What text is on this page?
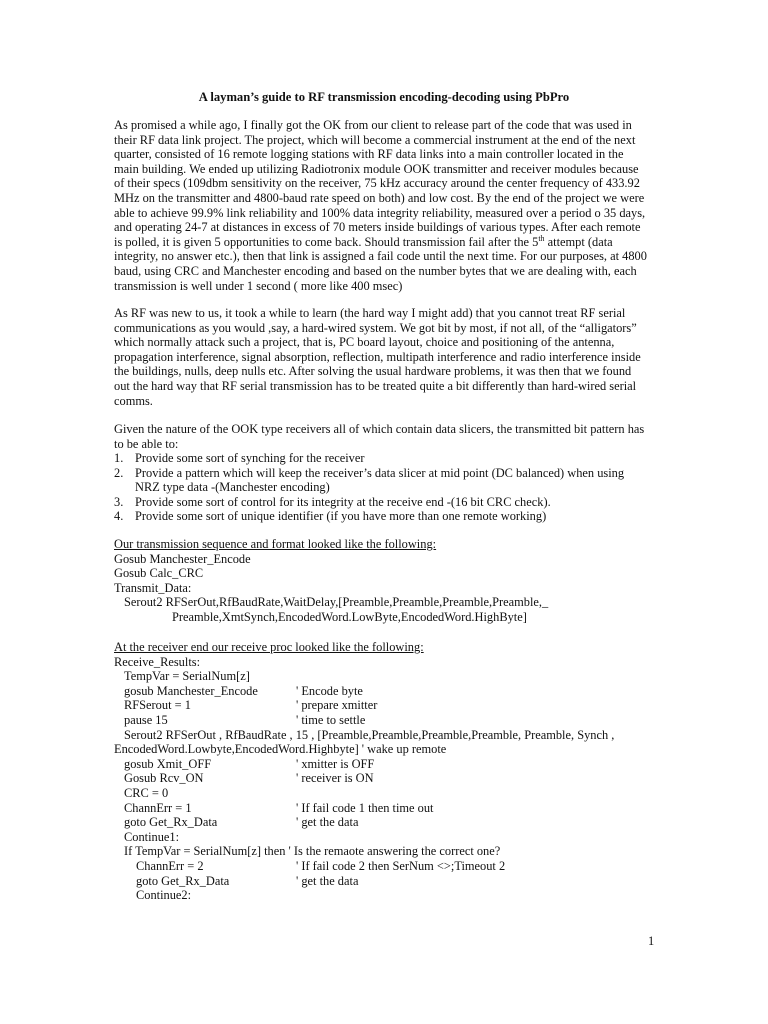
A layman’s guide to RF transmission encoding-decoding using PbPro

As promised a while ago, I finally got the OK from our client to release part of the code that was used in
their RF data link project. The project, which will become a commercial instrument at the end of the next
quarter, consisted of 16 remote logging stations with RF data links into a main controller located in the
main building. We ended up utilizing Radiotronix module OOK transmitter and receiver modules because
of their specs (109dbm sensitivity on the receiver, 75 kHz accuracy around the center frequency of 433.92
MHz on the transmitter and 4800-baud rate speed on both) and low cost. By the end of the project we were
able to achieve 99.9% link reliability and 100% data integrity reliability, measured over a period o 35 days,
and operating 24-7 at distances in excess of 70 meters inside buildings of various types. After each remote
is polled, it is given 5 opportunities to come back. Should transmission fail after the 5th attempt (data
integrity, no answer etc.), then that link is assigned a fail code until the next time. For our purposes, at 4800
baud, using CRC and Manchester encoding and based on the number bytes that we are dealing with, each
transmission is well under 1 second ( more like 400 msec)

As RF was new to us, it took a while to learn (the hard way I might add) that you cannot treat RF serial
communications as you would ,say, a hard-wired system. We got bit by most, if not all, of the “alligators”
which normally attack such a project, that is, PC board layout, choice and positioning of the antenna,
propagation interference, signal absorption, reflection, multipath interference and radio interference inside
the buildings, nulls, deep nulls etc. After solving the usual hardware problems, it was then that we found
out the hard way that RF serial transmission has to be treated quite a bit differently than hard-wired serial
comms.

Given the nature of the OOK type receivers all of which contain data slicers, the transmitted bit pattern has
to be able to:

1. Provide some sort of synching for the receiver
2. Provide a pattern which will keep the receiver’s data slicer at mid point (DC balanced) when using
NRZ type data -(Manchester encoding)
3. Provide some sort of control for its integrity at the receive end -(16 bit CRC check).
4. Provide some sort of unique identifier (if you have more than one remote working)
Our transmission sequence and format looked like the following:
Gosub Manchester_Encode
Gosub Calc_CRC
Transmit_Data:
Serout2 RFSerOut,RfBaudRate,WaitDelay,[Preamble,Preamble,Preamble,Preamble,_
Preamble,XmtSynch,EncodedWord.LowByte,EncodedWord.HighByte]
At the receiver end our receive proc looked like the following:
Receive_Results:
TempVar = SerialNum[z]
gosub Manchester_Encode	' Encode byte
RFSerout = 1	' prepare xmitter
pause 15	' time to settle
Serout2 RFSerOut , RfBaudRate , 15 , [Preamble,Preamble,Preamble,Preamble, Preamble, Synch ,
EncodedWord.Lowbyte,EncodedWord.Highbyte] ' wake up remote
gosub Xmit_OFF	' xmitter is OFF
Gosub Rcv_ON	' receiver is ON
CRC = 0
ChannErr = 1	' If fail code 1 then time out
goto Get_Rx_Data	' get the data
Continue1:
If TempVar = SerialNum[z] then ' Is the remaote answering the correct one?
ChannErr = 2	' If fail code 2 then SerNum <>;Timeout 2
goto Get_Rx_Data	' get the data
Continue2:
1
